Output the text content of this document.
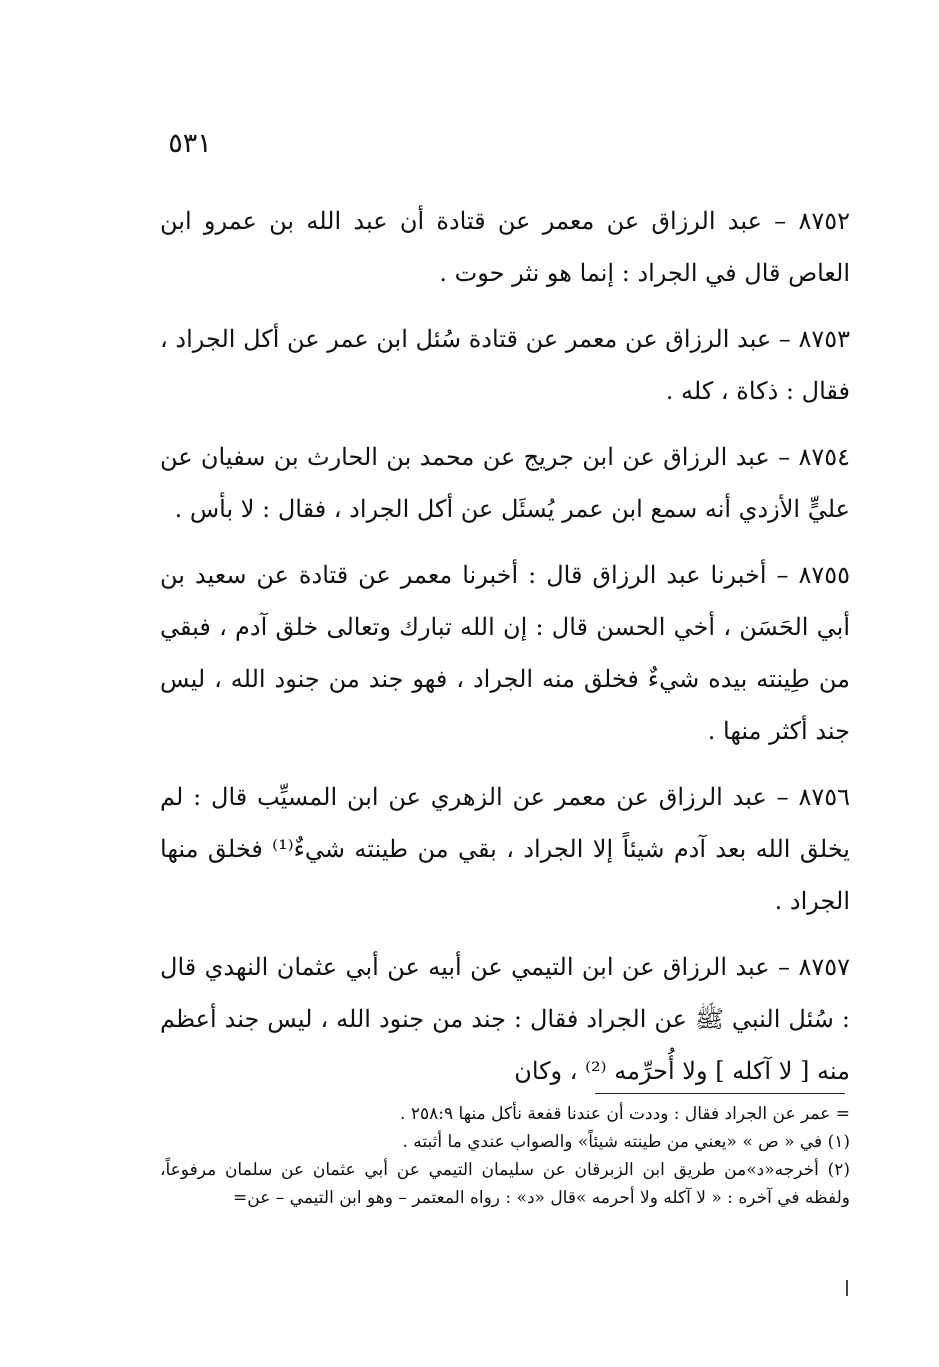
٥٣١

٨٧٥٢ – عبد الرزاق عن معمر عن قتادة أن عبد الله بن عمرو ابن العاص قال في الجراد : إنما هو نثر حوت .

٨٧٥٣ – عبد الرزاق عن معمر عن قتادة سُئل ابن عمر عن أكل الجراد ، فقال : ذكاة ، كله .

٨٧٥٤ – عبد الرزاق عن ابن جريج عن محمد بن الحارث بن سفيان عن عليٍّ الأزدي أنه سمع ابن عمر يُسئَل عن أكل الجراد ، فقال : لا بأس .

٨٧٥٥ – أخبرنا عبد الرزاق قال : أخبرنا معمر عن قتادة عن سعيد بن أبي الحَسَن ، أخي الحسن قال : إن الله تبارك وتعالى خلق آدم ، فبقي من طِينته بيده شيءٌ فخلق منه الجراد ، فهو جند من جنود الله ، ليس جند أكثر منها .

٨٧٥٦ – عبد الرزاق عن معمر عن الزهري عن ابن المسيِّب قال : لم يخلق الله بعد آدم شيئاً إلا الجراد ، بقي من طينته شيءٌ⁽¹⁾ فخلق منها الجراد .

٨٧٥٧ – عبد الرزاق عن ابن التيمي عن أبيه عن أبي عثمان النهدي قال : سُئل النبي ﷺ عن الجراد فقال : جند من جنود الله ، ليس جند أعظم منه [ لا آكله ] ولا أُحرِّمه ⁽²⁾ ، وكان

= عمر عن الجراد فقال : وددت أن عندنا قفعة نأكل منها ٢٥٨:٩ .

(١) في « ص » «يعني من طينته شيئاً» والصواب عندي ما أثبته .

(٢) أخرجه«د»من طريق ابن الزبرقان عن سليمان التيمي عن أبي عثمان عن سلمان مرفوعاً، ولفظه في آخره : « لا آكله ولا أحرمه »قال «د» : رواه المعتمر – وهو ابن التيمي – عن=
